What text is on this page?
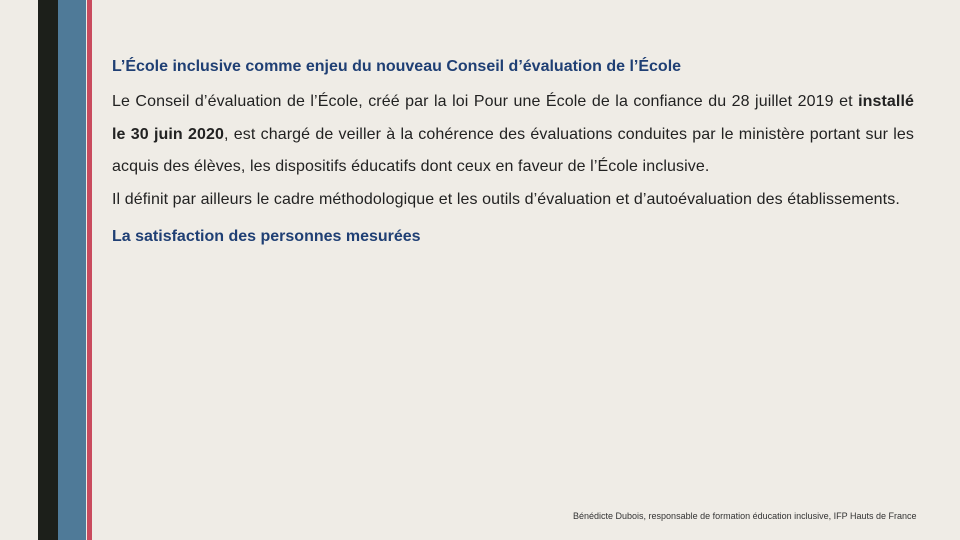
L’École inclusive comme enjeu du nouveau Conseil d’évaluation de l’École

Le Conseil d’évaluation de l’École, créé par la loi Pour une École de la confiance du 28 juillet 2019 et installé le 30 juin 2020, est chargé de veiller à la cohérence des évaluations conduites par le ministère portant sur les acquis des élèves, les dispositifs éducatifs dont ceux en faveur de l’École inclusive.

Il définit par ailleurs le cadre méthodologique et les outils d’évaluation et d’autoévaluation des établissements.

La satisfaction des personnes mesurées
Bénédicte Dubois, responsable de formation éducation inclusive, IFP Hauts de France
